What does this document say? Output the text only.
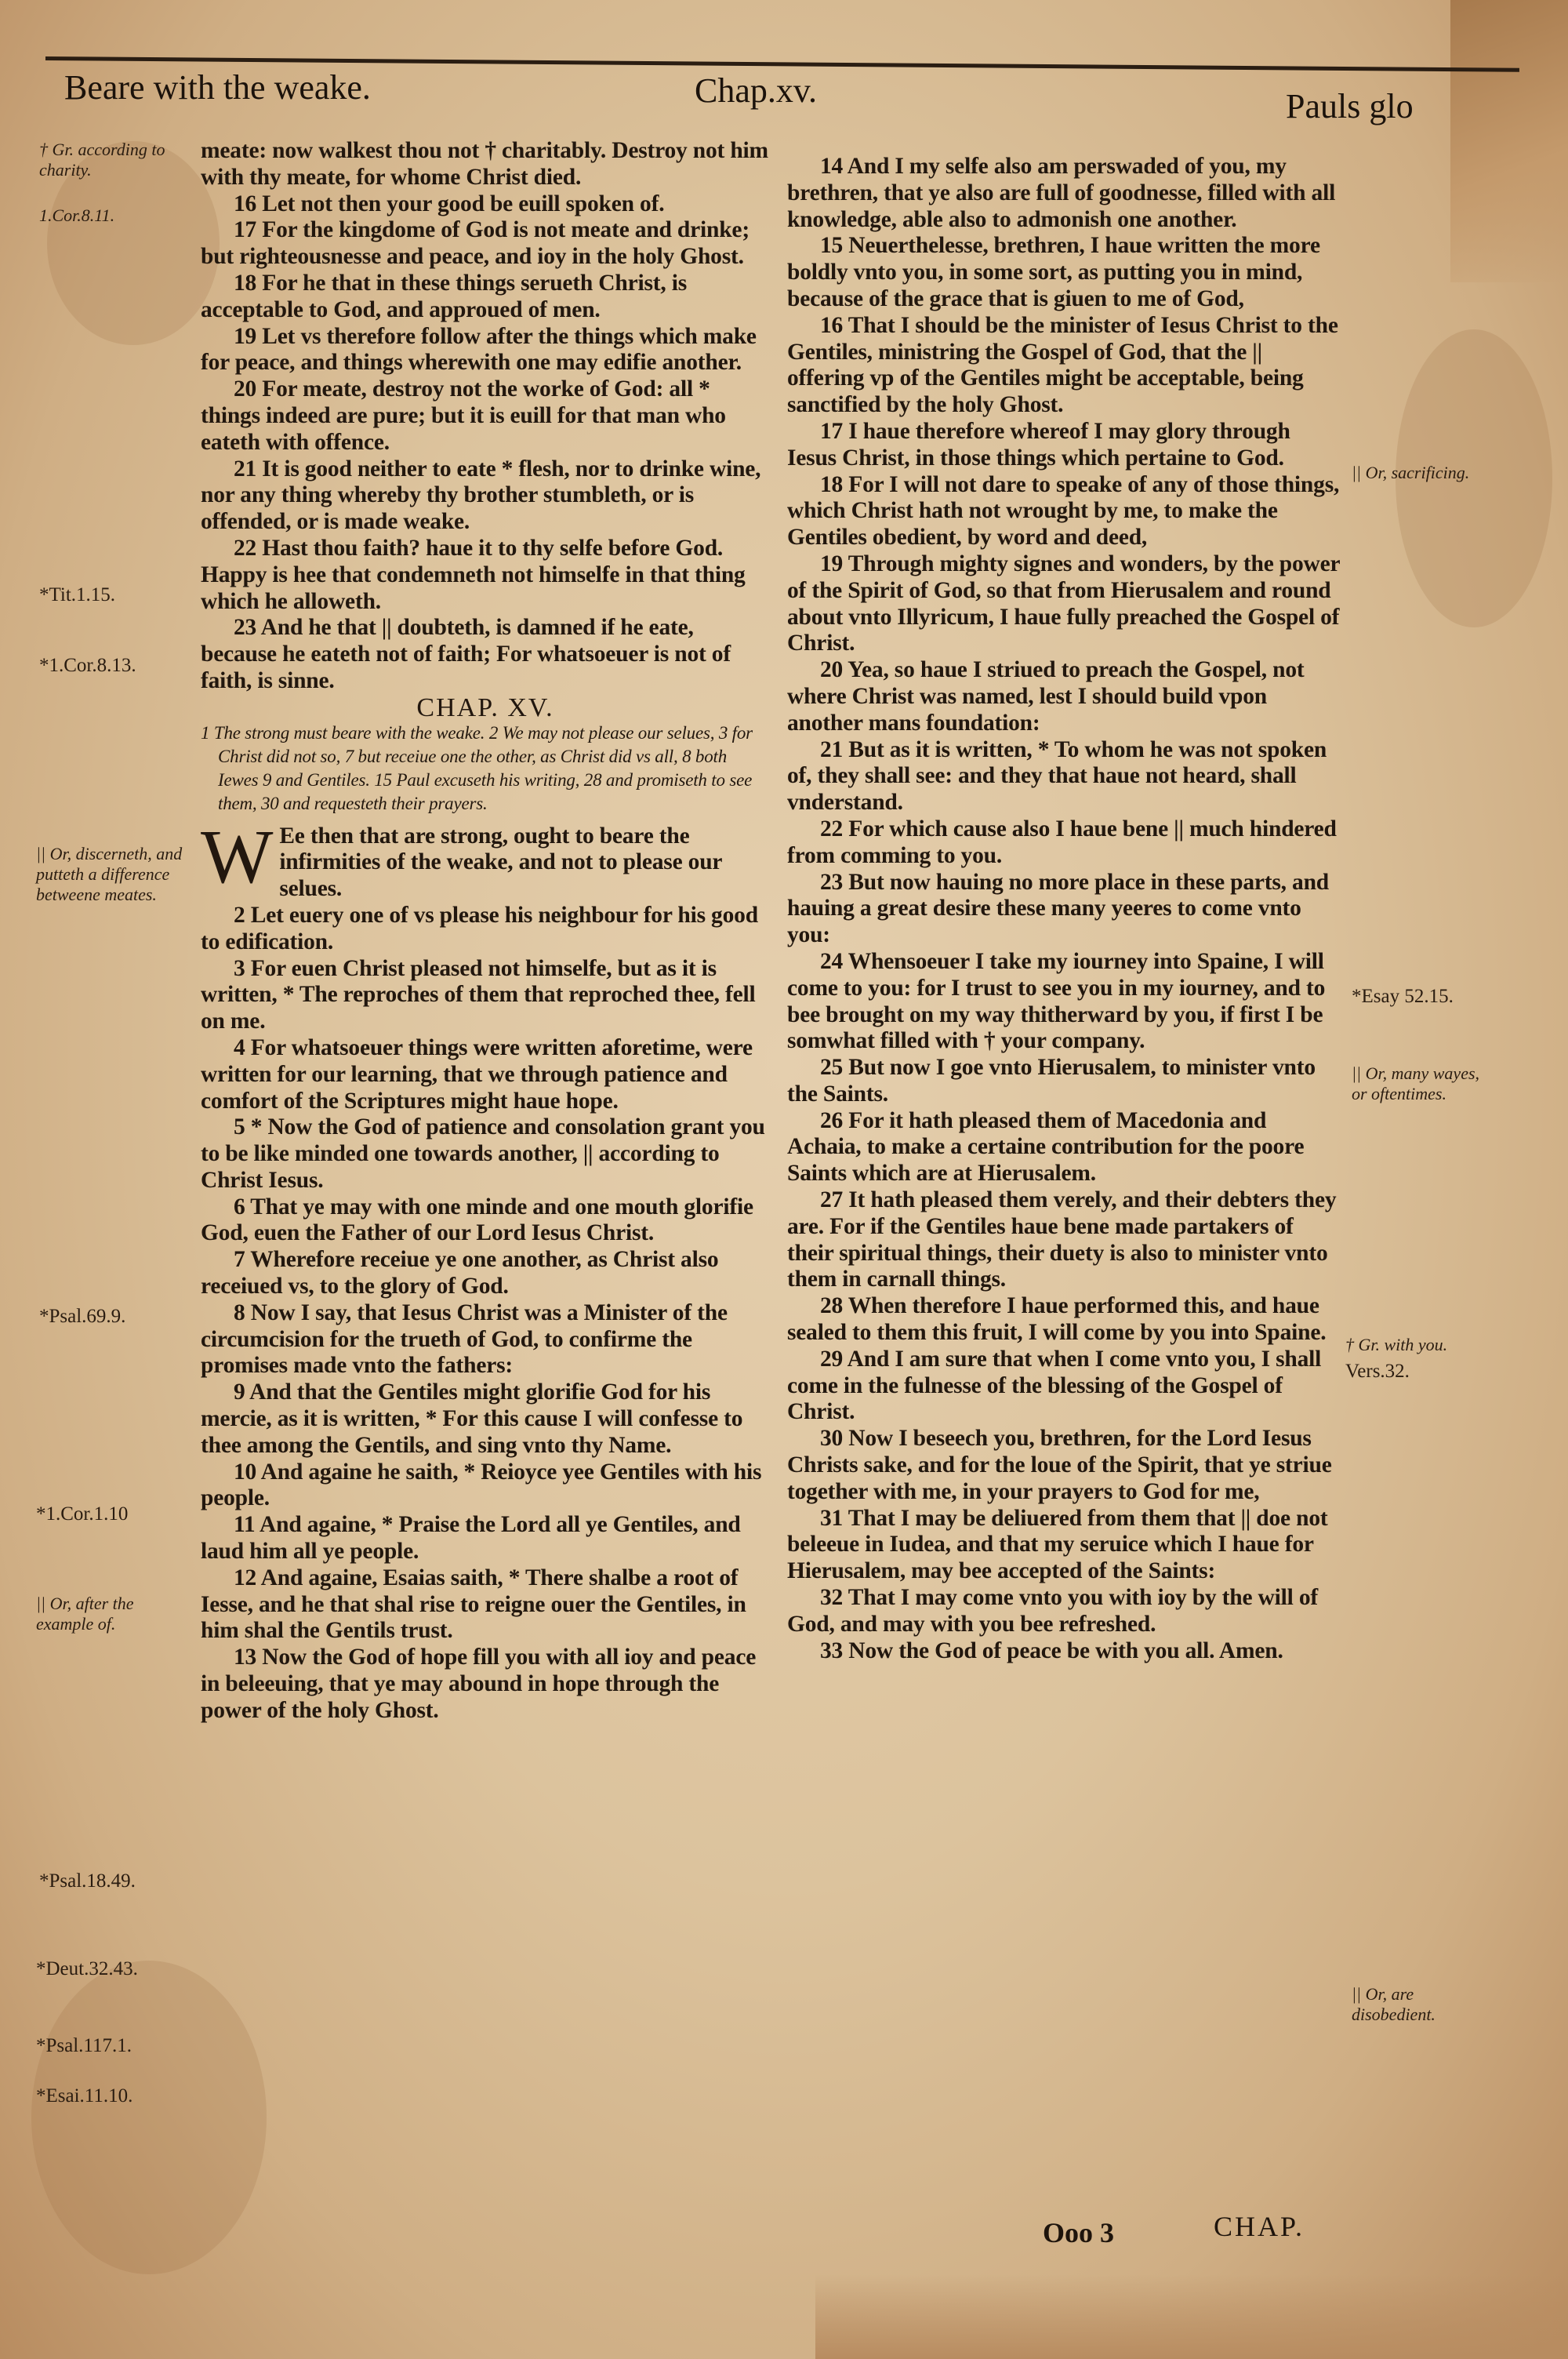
Beare with the weake.	Chap.xv.	Pauls glo
† Gr. according to charity.
1.Cor.8.11.
*Tit.1.15.
*1.Cor.8.13.
|| Or, discerneth, and putteth a difference betweene meates.
*Psal.69.9.
*1.Cor.1.10
|| Or, after the example of.
*Psal.18.49.
*Deut.32.43.
*Psal.117.1.
*Esai.11.10.

meate: now walkest thou not † charitably. Destroy not him with thy meate, for whome Christ died.

16 Let not then your good be euill spoken of.

17 For the kingdome of God is not meate and drinke; but righteousnesse and peace, and ioy in the holy Ghost.

18 For he that in these things serueth Christ, is acceptable to God, and approued of men.

19 Let vs therefore follow after the things which make for peace, and things wherewith one may edifie another.

20 For meate, destroy not the worke of God: all * things indeed are pure; but it is euill for that man who eateth with offence.

21 It is good neither to eate * flesh, nor to drinke wine, nor any thing whereby thy brother stumbleth, or is offended, or is made weake.

22 Hast thou faith? haue it to thy selfe before God. Happy is hee that condemneth not himselfe in that thing which he alloweth.

23 And he that || doubteth, is damned if he eate, because he eateth not of faith; For whatsoeuer is not of faith, is sinne.

CHAP. XV.

1 The strong must beare with the weake. 2 We may not please our selues, 3 for Christ did not so, 7 but receiue one the other, as Christ did vs all, 8 both Iewes 9 and Gentiles. 15 Paul excuseth his writing, 28 and promiseth to see them, 30 and requesteth their prayers.

W Ee then that are strong, ought to beare the infirmities of the weake, and not to please our selues.

2 Let euery one of vs please his neighbour for his good to edification.

3 For euen Christ pleased not himselfe, but as it is written, * The reproches of them that reproched thee, fell on me.

4 For whatsoeuer things were written aforetime, were written for our learning, that we through patience and comfort of the Scriptures might haue hope.

5 * Now the God of patience and consolation grant you to be like minded one towards another, || according to Christ Iesus.

6 That ye may with one minde and one mouth glorifie God, euen the Father of our Lord Iesus Christ.

7 Wherefore receiue ye one another, as Christ also receiued vs, to the glory of God.

8 Now I say, that Iesus Christ was a Minister of the circumcision for the trueth of God, to confirme the promises made vnto the fathers:

9 And that the Gentiles might glorifie God for his mercie, as it is written, * For this cause I will confesse to thee among the Gentils, and sing vnto thy Name.

10 And againe he saith, * Reioyce yee Gentiles with his people.

11 And againe, * Praise the Lord all ye Gentiles, and laud him all ye people.

12 And againe, Esaias saith, * There shalbe a root of Iesse, and he that shal rise to reigne ouer the Gentiles, in him shal the Gentils trust.

13 Now the God of hope fill you with all ioy and peace in beleeuing, that ye may abound in hope through the power of the holy Ghost.

14 And I my selfe also am perswaded of you, my brethren, that ye also are full of goodnesse, filled with all knowledge, able also to admonish one another.

15 Neuerthelesse, brethren, I haue written the more boldly vnto you, in some sort, as putting you in mind, because of the grace that is giuen to me of God,

16 That I should be the minister of Iesus Christ to the Gentiles, ministring the Gospel of God, that the || offering vp of the Gentiles might be acceptable, being sanctified by the holy Ghost.

17 I haue therefore whereof I may glory through Iesus Christ, in those things which pertaine to God.

18 For I will not dare to speake of any of those things, which Christ hath not wrought by me, to make the Gentiles obedient, by word and deed,

19 Through mighty signes and wonders, by the power of the Spirit of God, so that from Hierusalem and round about vnto Illyricum, I haue fully preached the Gospel of Christ.

20 Yea, so haue I striued to preach the Gospel, not where Christ was named, lest I should build vpon another mans foundation:

21 But as it is written, * To whom he was not spoken of, they shall see: and they that haue not heard, shall vnderstand.

22 For which cause also I haue bene || much hindered from comming to you.

23 But now hauing no more place in these parts, and hauing a great desire these many yeeres to come vnto you:

24 Whensoeuer I take my iourney into Spaine, I will come to you: for I trust to see you in my iourney, and to bee brought on my way thitherward by you, if first I be somwhat filled with † your company.

25 But now I goe vnto Hierusalem, to minister vnto the Saints.

26 For it hath pleased them of Macedonia and Achaia, to make a certaine contribution for the poore Saints which are at Hierusalem.

27 It hath pleased them verely, and their debters they are. For if the Gentiles haue bene made partakers of their spiritual things, their duety is also to minister vnto them in carnall things.

28 When therefore I haue performed this, and haue sealed to them this fruit, I will come by you into Spaine.

29 And I am sure that when I come vnto you, I shall come in the fulnesse of the blessing of the Gospel of Christ.

30 Now I beseech you, brethren, for the Lord Iesus Christs sake, and for the loue of the Spirit, that ye striue together with me, in your prayers to God for me,

31 That I may be deliuered from them that || doe not beleeue in Iudea, and that my seruice which I haue for Hierusalem, may bee accepted of the Saints:

32 That I may come vnto you with ioy by the will of God, and may with you bee refreshed.

33 Now the God of peace be with you all. Amen.

|| Or, sacrificing.
*Esay 52.15.
|| Or, many wayes, or oftentimes.
† Gr. with you.
Vers.32.
|| Or, are disobedient.
Ooo 3	CHAP.
